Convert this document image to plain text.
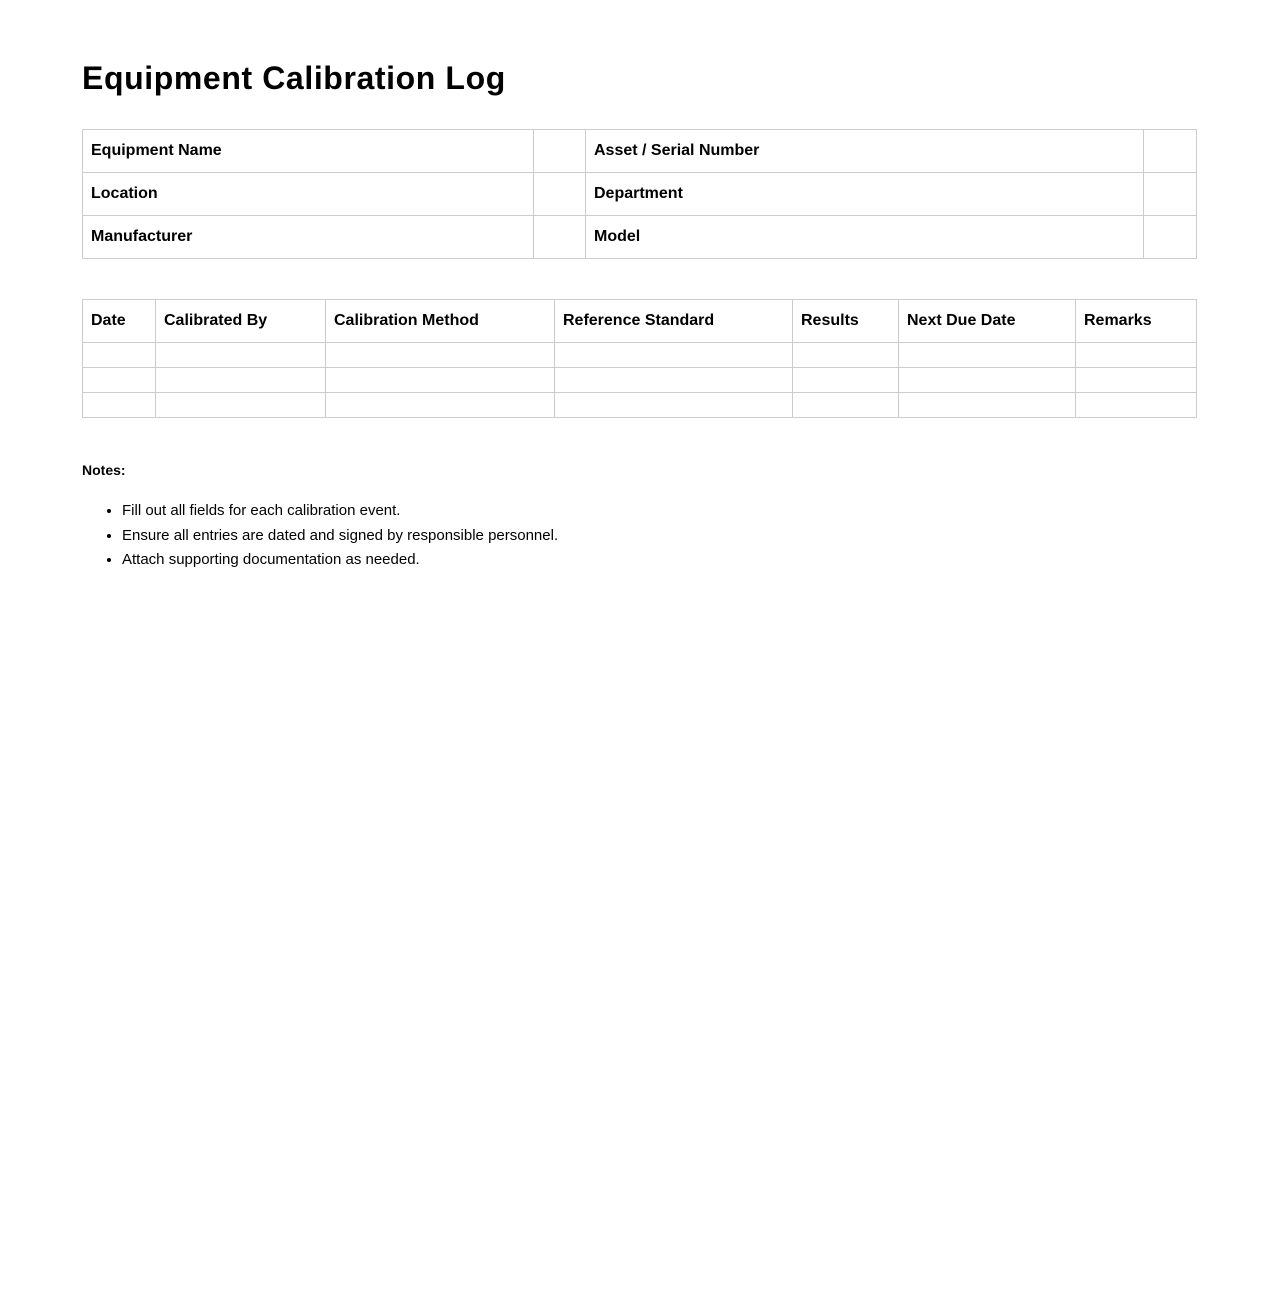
Equipment Calibration Log
Equipment Name		Asset / Serial Number	
Location		Department	
Manufacturer		Model	
Date	Calibrated By	Calibration Method	Reference Standard	Results	Next Due Date	Remarks

Notes:
• Fill out all fields for each calibration event.
• Ensure all entries are dated and signed by responsible personnel.
• Attach supporting documentation as needed.
